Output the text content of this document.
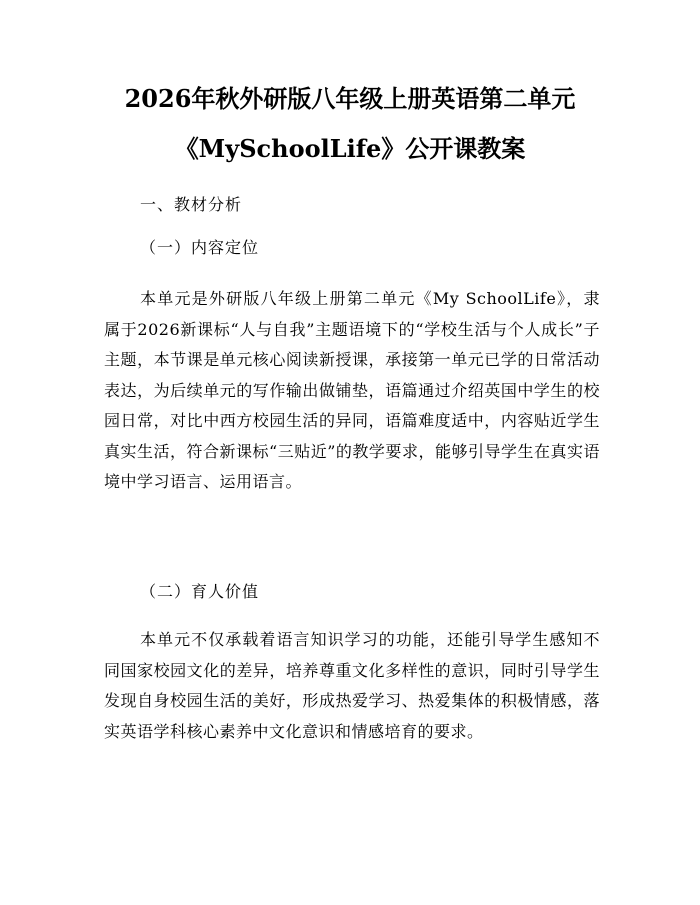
2026年秋外研版八年级上册英语第二单元
《MySchoolLife》公开课教案

一、教材分析

（一）内容定位

本单元是外研版八年级上册第二单元《My SchoolLife》，隶属于2026新课标“人与自我”主题语境下的“学校生活与个人成长”子主题，本节课是单元核心阅读新授课，承接第一单元已学的日常活动表达，为后续单元的写作输出做铺垫，语篇通过介绍英国中学生的校园日常，对比中西方校园生活的异同，语篇难度适中，内容贴近学生真实生活，符合新课标“三贴近”的教学要求，能够引导学生在真实语境中学习语言、运用语言。

（二）育人价值

本单元不仅承载着语言知识学习的功能，还能引导学生感知不同国家校园文化的差异，培养尊重文化多样性的意识，同时引导学生发现自身校园生活的美好，形成热爱学习、热爱集体的积极情感，落实英语学科核心素养中文化意识和情感培育的要求。
